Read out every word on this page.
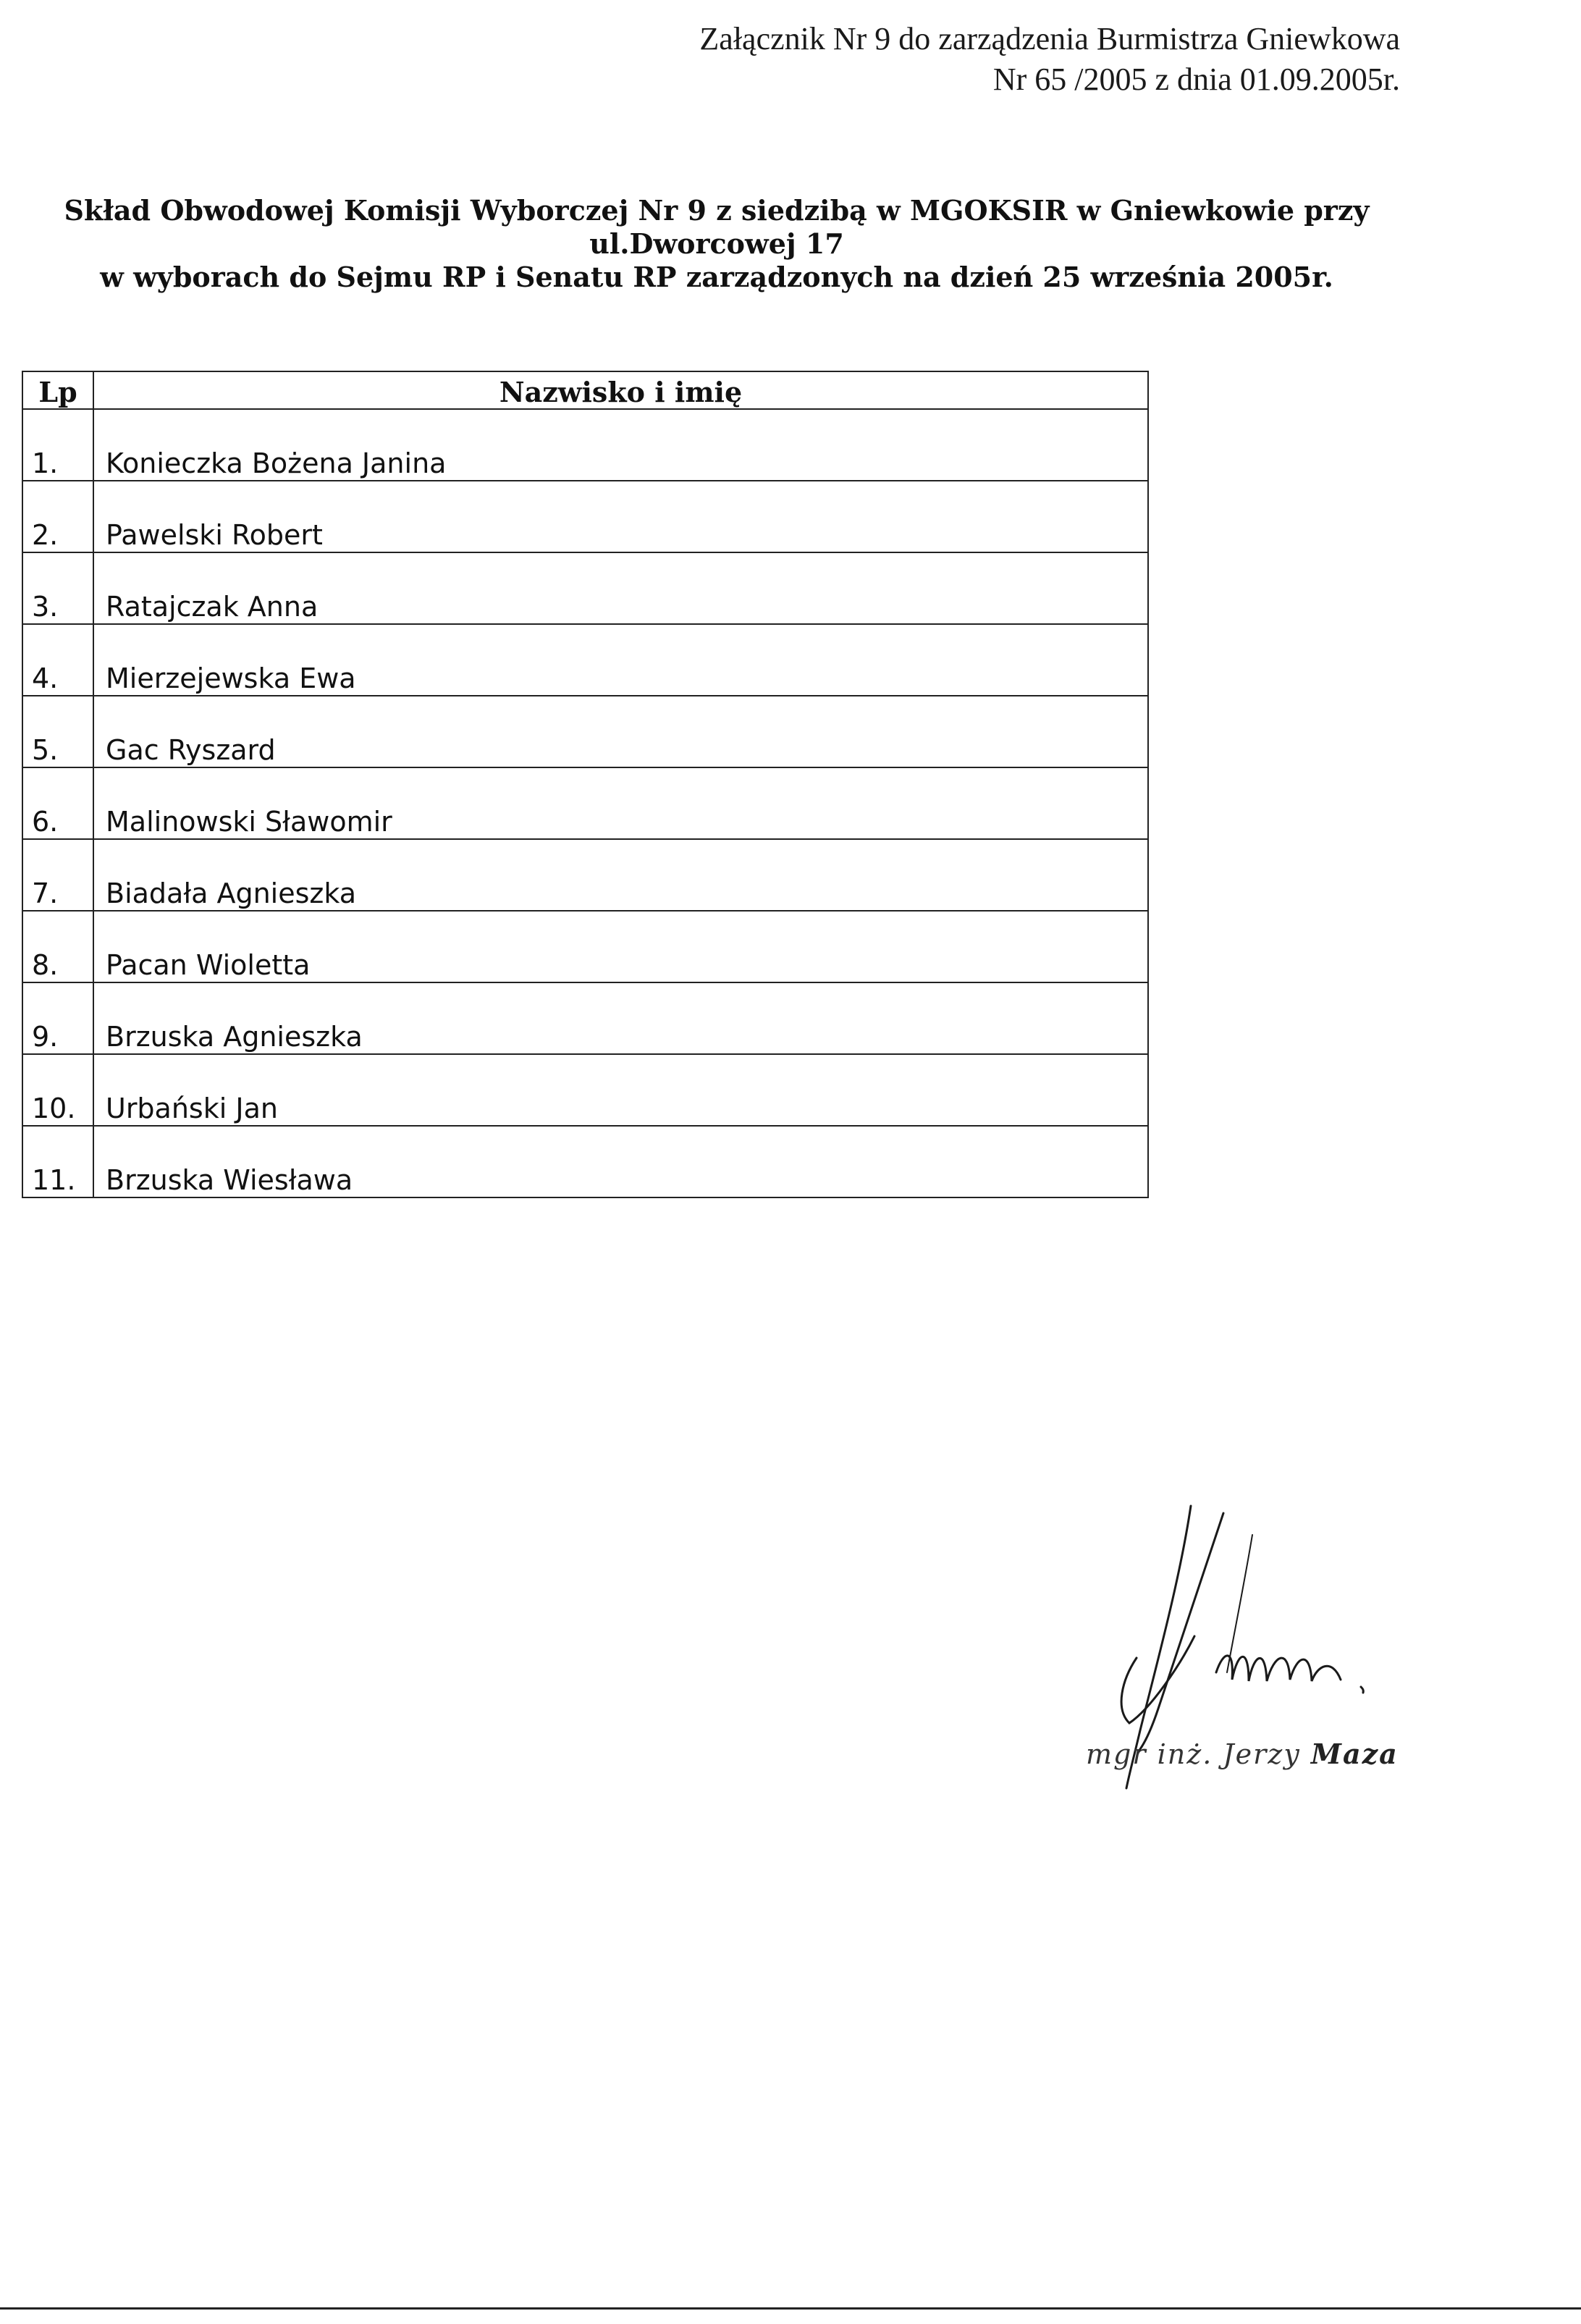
Załącznik Nr 9 do zarządzenia Burmistrza Gniewkowa
Nr 65 /2005 z dnia 01.09.2005r.
Skład Obwodowej Komisji Wyborczej Nr 9 z siedzibą w MGOKSIR w Gniewkowie przy
ul.Dworcowej 17
w wyborach do Sejmu RP i Senatu RP zarządzonych na dzień 25 września 2005r.
Lp	Nazwisko i imię
1.	Konieczka Bożena Janina
2.	Pawelski Robert
3.	Ratajczak Anna
4.	Mierzejewska Ewa
5.	Gac Ryszard
6.	Malinowski Sławomir
7.	Biadała Agnieszka
8.	Pacan Wioletta
9.	Brzuska Agnieszka
10.	Urbański Jan
11.	Brzuska Wiesława
mgr inż. Jerzy Maza
